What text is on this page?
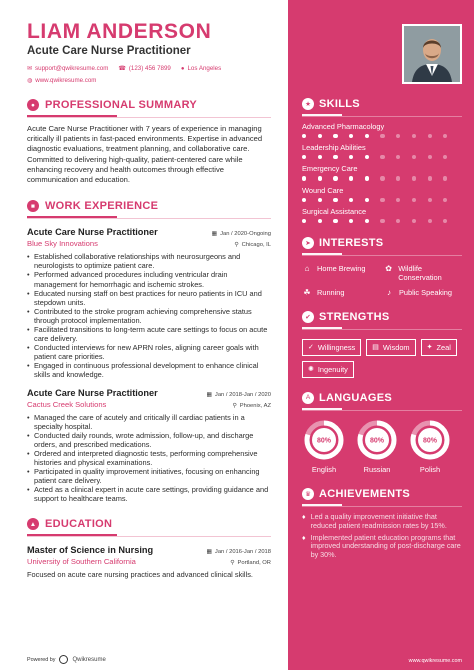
LIAM ANDERSON
Acute Care Nurse Practitioner
✉ support@qwikresume.com ☎ (123) 456 7899 ● Los Angeles
◍ www.qwikresume.com
● PROFESSIONAL SUMMARY
Acute Care Nurse Practitioner with 7 years of experience in managing critically ill patients in fast-paced environments. Expertise in advanced diagnostic evaluations, treatment planning, and collaborative care. Committed to delivering high-quality, patient-centered care while enhancing recovery and health outcomes through effective communication and education.
■ WORK EXPERIENCE
Acute Care Nurse Practitioner	▦ Jan / 2020-Ongoing
Blue Sky Innovations	⚲ Chicago, IL
• Established collaborative relationships with neurosurgeons and neurologists to optimize patient care.
• Performed advanced procedures including ventricular drain management for hemorrhagic and ischemic strokes.
• Educated nursing staff on best practices for neuro patients in ICU and stepdown units.
• Contributed to the stroke program achieving comprehensive status through protocol implementation.
• Facilitated transitions to long-term acute care settings to focus on acute care delivery.
• Conducted interviews for new APRN roles, aligning career goals with patient care priorities.
• Engaged in continuous professional development to enhance clinical skills and knowledge.
Acute Care Nurse Practitioner	▦ Jan / 2018-Jan / 2020
Cactus Creek Solutions	⚲ Phoenix, AZ
• Managed the care of acutely and critically ill cardiac patients in a specialty hospital.
• Conducted daily rounds, wrote admission, follow-up, and discharge orders, and prescribed medications.
• Ordered and interpreted diagnostic tests, performing comprehensive histories and physical examinations.
• Participated in quality improvement initiatives, focusing on enhancing patient care delivery.
• Acted as a clinical expert in acute care settings, providing guidance and support to healthcare teams.
▲ EDUCATION
Master of Science in Nursing	▦ Jan / 2016-Jan / 2018
University of Southern California	⚲ Portland, OR
Focused on acute care nursing practices and advanced clinical skills.
Powered by	Qwikresume
★ SKILLS
Advanced Pharmacology
Leadership Abilities
Emergency Care
Wound Care
Surgical Assistance
➤ INTERESTS
⌂	Home Brewing ✿ Wildlife Conservation
☘ Running	♪	Public Speaking
✔ STRENGTHS
✓ Willingness ▤ Wisdom ✦ Zeal
✺ Ingenuity
A LANGUAGES
80%
English
80%
Russian
80%
Polish
♛ ACHIEVEMENTS
♦ Led a quality improvement initiative that reduced patient readmission rates by 15%.
♦ Implemented patient education programs that improved understanding of post-discharge care by 30%.
www.qwikresume.com
